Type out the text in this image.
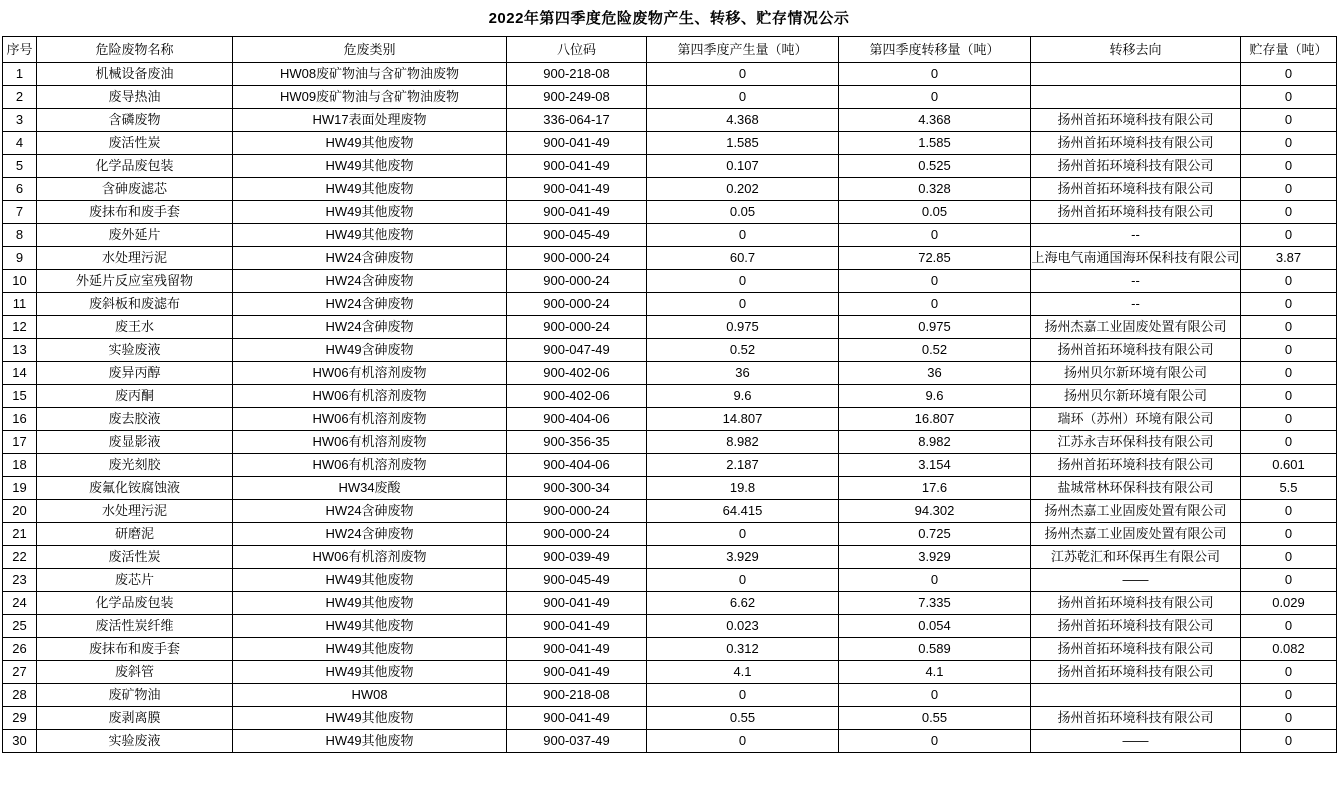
2022年第四季度危险废物产生、转移、贮存情况公示
序号	危险废物名称	危废类别	八位码	第四季度产生量（吨）	第四季度转移量（吨）	转移去向	贮存量（吨）
1	机械设备废油	HW08废矿物油与含矿物油废物	900-218-08	0	0		0
2	废导热油	HW09废矿物油与含矿物油废物	900-249-08	0	0		0
3	含磷废物	HW17表面处理废物	336-064-17	4.368	4.368	扬州首拓环境科技有限公司	0
4	废活性炭	HW49其他废物	900-041-49	1.585	1.585	扬州首拓环境科技有限公司	0
5	化学品废包装	HW49其他废物	900-041-49	0.107	0.525	扬州首拓环境科技有限公司	0
6	含砷废滤芯	HW49其他废物	900-041-49	0.202	0.328	扬州首拓环境科技有限公司	0
7	废抹布和废手套	HW49其他废物	900-041-49	0.05	0.05	扬州首拓环境科技有限公司	0
8	废外延片	HW49其他废物	900-045-49	0	0	--	0
9	水处理污泥	HW24含砷废物	900-000-24	60.7	72.85	上海电气南通国海环保科技有限公司	3.87
10	外延片反应室残留物	HW24含砷废物	900-000-24	0	0	--	0
11	废斜板和废滤布	HW24含砷废物	900-000-24	0	0	--	0
12	废王水	HW24含砷废物	900-000-24	0.975	0.975	扬州杰嘉工业固废处置有限公司	0
13	实验废液	HW49含砷废物	900-047-49	0.52	0.52	扬州首拓环境科技有限公司	0
14	废异丙醇	HW06有机溶剂废物	900-402-06	36	36	扬州贝尔新环境有限公司	0
15	废丙酮	HW06有机溶剂废物	900-402-06	9.6	9.6	扬州贝尔新环境有限公司	0
16	废去胶液	HW06有机溶剂废物	900-404-06	14.807	16.807	瑞环（苏州）环境有限公司	0
17	废显影液	HW06有机溶剂废物	900-356-35	8.982	8.982	江苏永吉环保科技有限公司	0
18	废光刻胶	HW06有机溶剂废物	900-404-06	2.187	3.154	扬州首拓环境科技有限公司	0.601
19	废氟化铵腐蚀液	HW34废酸	900-300-34	19.8	17.6	盐城常林环保科技有限公司	5.5
20	水处理污泥	HW24含砷废物	900-000-24	64.415	94.302	扬州杰嘉工业固废处置有限公司	0
21	研磨泥	HW24含砷废物	900-000-24	0	0.725	扬州杰嘉工业固废处置有限公司	0
22	废活性炭	HW06有机溶剂废物	900-039-49	3.929	3.929	江苏乾汇和环保再生有限公司	0
23	废芯片	HW49其他废物	900-045-49	0	0	——	0
24	化学品废包装	HW49其他废物	900-041-49	6.62	7.335	扬州首拓环境科技有限公司	0.029
25	废活性炭纤维	HW49其他废物	900-041-49	0.023	0.054	扬州首拓环境科技有限公司	0
26	废抹布和废手套	HW49其他废物	900-041-49	0.312	0.589	扬州首拓环境科技有限公司	0.082
27	废斜管	HW49其他废物	900-041-49	4.1	4.1	扬州首拓环境科技有限公司	0
28	废矿物油	HW08	900-218-08	0	0		0
29	废剥离膜	HW49其他废物	900-041-49	0.55	0.55	扬州首拓环境科技有限公司	0
30	实验废液	HW49其他废物	900-037-49	0	0	——	0
